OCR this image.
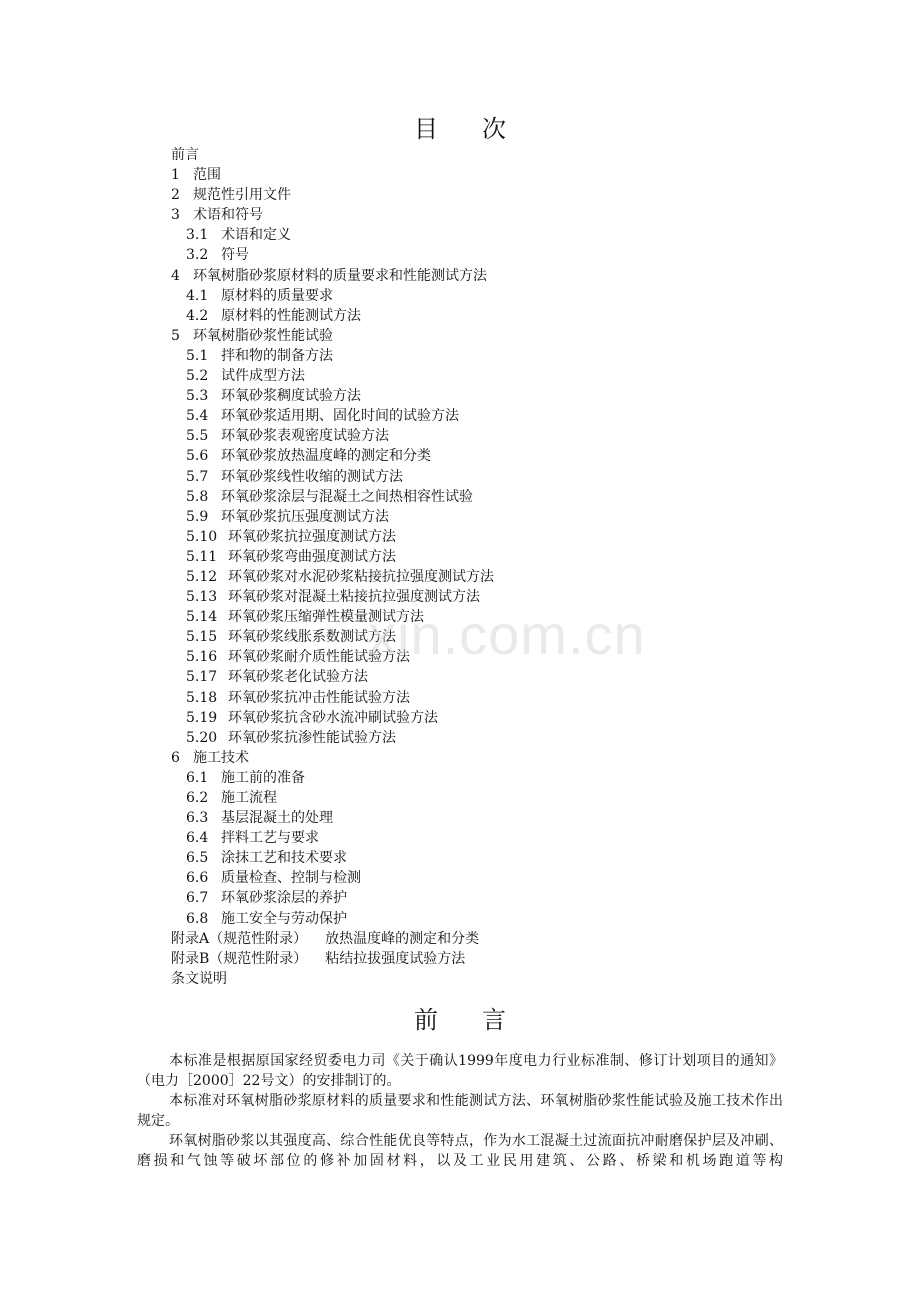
目次
前言
1 范围
2 规范性引用文件
3 术语和符号
3.1 术语和定义
3.2 符号
4 环氧树脂砂浆原材料的质量要求和性能测试方法
4.1 原材料的质量要求
4.2 原材料的性能测试方法
5 环氧树脂砂浆性能试验
5.1 拌和物的制备方法
5.2 试件成型方法
5.3 环氧砂浆稠度试验方法
5.4 环氧砂浆适用期、固化时间的试验方法
5.5 环氧砂浆表观密度试验方法
5.6 环氧砂浆放热温度峰的测定和分类
5.7 环氧砂浆线性收缩的测试方法
5.8 环氧砂浆涂层与混凝土之间热相容性试验
5.9 环氧砂浆抗压强度测试方法
5.10 环氧砂浆抗拉强度测试方法
5.11 环氧砂浆弯曲强度测试方法
5.12 环氧砂浆对水泥砂浆粘接抗拉强度测试方法
5.13 环氧砂浆对混凝土粘接抗拉强度测试方法
5.14 环氧砂浆压缩弹性模量测试方法
5.15 环氧砂浆线胀系数测试方法
5.16 环氧砂浆耐介质性能试验方法
5.17 环氧砂浆老化试验方法
5.18 环氧砂浆抗冲击性能试验方法
5.19 环氧砂浆抗含砂水流冲刷试验方法
5.20 环氧砂浆抗渗性能试验方法
6 施工技术
6.1 施工前的准备
6.2 施工流程
6.3 基层混凝土的处理
6.4 拌料工艺与要求
6.5 涂抹工艺和技术要求
6.6 质量检查、控制与检测
6.7 环氧砂浆涂层的养护
6.8 施工安全与劳动保护
附录A（规范性附录） 放热温度峰的测定和分类
附录B（规范性附录） 粘结拉拔强度试验方法
条文说明
前言

本标准是根据原国家经贸委电力司《关于确认1999年度电力行业标准制、修订计划项目的通知》（电力［2000］22号文）的安排制订的。

本标准对环氧树脂砂浆原材料的质量要求和性能测试方法、环氧树脂砂浆性能试验及施工技术作出规定。

环氧树脂砂浆以其强度高、综合性能优良等特点，作为水工混凝土过流面抗冲耐磨保护层及冲刷、磨损和气蚀等破坏部位的修补加固材料，以及工业民用建筑、公路、桥梁和机场跑道等构

xin.com.cn
